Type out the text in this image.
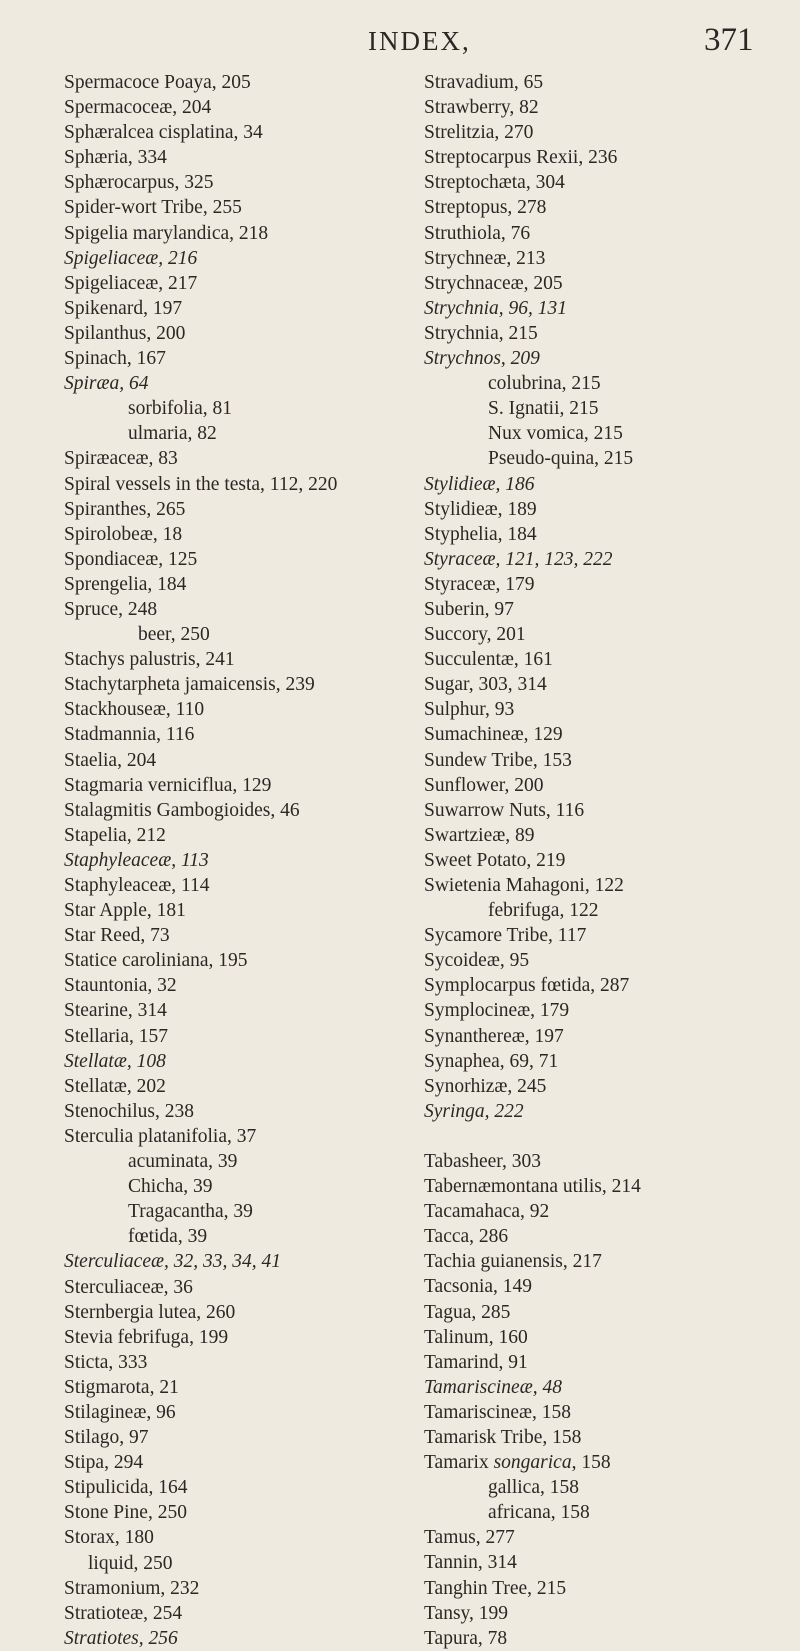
INDEX,	371
Spermacoce Poaya, 205
Spermacoceæ, 204
Sphæralcea cisplatina, 34
Sphæria, 334
Sphærocarpus, 325
Spider-wort Tribe, 255
Spigelia marylandica, 218
Spigeliaceæ, 216
Spigeliaceæ, 217
Spikenard, 197
Spilanthus, 200
Spinach, 167
Spiræa, 64
sorbifolia, 81
ulmaria, 82
Spiræaceæ, 83
Spiral vessels in the testa, 112, 220
Spiranthes, 265
Spirolobeæ, 18
Spondiaceæ, 125
Sprengelia, 184
Spruce, 248
beer, 250
Stachys palustris, 241
Stachytarpheta jamaicensis, 239
Stackhouseæ, 110
Stadmannia, 116
Staelia, 204
Stagmaria verniciflua, 129
Stalagmitis Gambogioides, 46
Stapelia, 212
Staphyleaceæ, 113
Staphyleaceæ, 114
Star Apple, 181
Star Reed, 73
Statice caroliniana, 195
Stauntonia, 32
Stearine, 314
Stellaria, 157
Stellatæ, 108
Stellatæ, 202
Stenochilus, 238
Sterculia platanifolia, 37
acuminata, 39
Chicha, 39
Tragacantha, 39
fœtida, 39
Sterculiaceæ, 32, 33, 34, 41
Sterculiaceæ, 36
Sternbergia lutea, 260
Stevia febrifuga, 199
Sticta, 333
Stigmarota, 21
Stilagineæ, 96
Stilago, 97
Stipa, 294
Stipulicida, 164
Stone Pine, 250
Storax, 180
liquid, 250
Stramonium, 232
Stratioteæ, 254
Stratiotes, 256
Stravadium, 65
Strawberry, 82
Strelitzia, 270
Streptocarpus Rexii, 236
Streptochæta, 304
Streptopus, 278
Struthiola, 76
Strychneæ, 213
Strychnaceæ, 205
Strychnia, 96, 131
Strychnia, 215
Strychnos, 209
colubrina, 215
S. Ignatii, 215
Nux vomica, 215
Pseudo-quina, 215
Stylidieæ, 186
Stylidieæ, 189
Styphelia, 184
Styraceæ, 121, 123, 222
Styraceæ, 179
Suberin, 97
Succory, 201
Succulentæ, 161
Sugar, 303, 314
Sulphur, 93
Sumachineæ, 129
Sundew Tribe, 153
Sunflower, 200
Suwarrow Nuts, 116
Swartzieæ, 89
Sweet Potato, 219
Swietenia Mahagoni, 122
febrifuga, 122
Sycamore Tribe, 117
Sycoideæ, 95
Symplocarpus fœtida, 287
Symplocineæ, 179
Synanthereæ, 197
Synaphea, 69, 71
Synorhizæ, 245
Syringa, 222
Tabasheer, 303
Tabernæmontana utilis, 214
Tacamahaca, 92
Tacca, 286
Tachia guianensis, 217
Tacsonia, 149
Tagua, 285
Talinum, 160
Tamarind, 91
Tamariscineæ, 48
Tamariscineæ, 158
Tamarisk Tribe, 158
Tamarix songarica, 158
gallica, 158
africana, 158
Tamus, 277
Tannin, 314
Tanghin Tree, 215
Tansy, 199
Tapura, 78
